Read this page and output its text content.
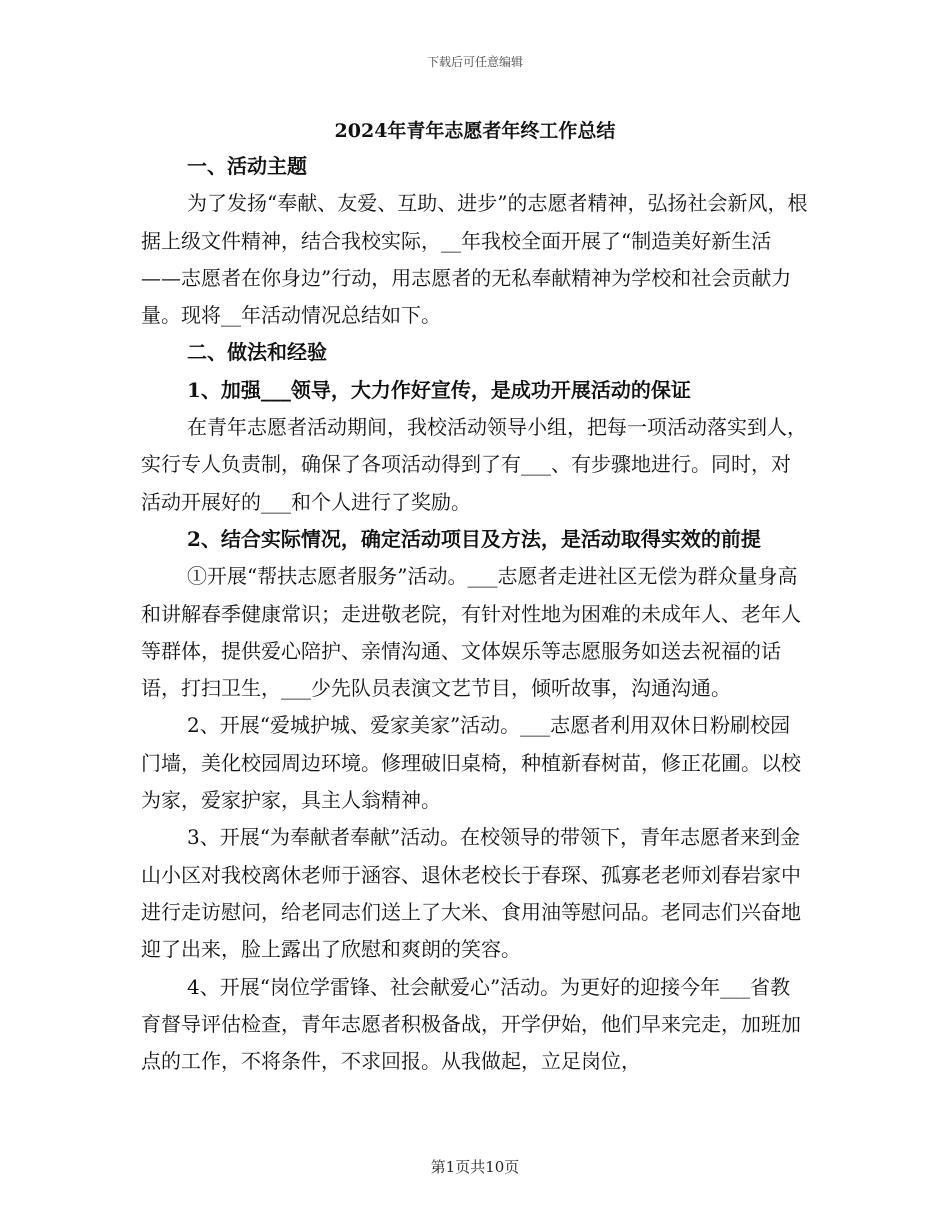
下载后可任意编辑
2024年青年志愿者年终工作总结

一、活动主题

为了发扬“奉献、友爱、互助、进步”的志愿者精神，弘扬社会新风，根据上级文件精神，结合我校实际，__年我校全面开展了“制造美好新生活——志愿者在你身边”行动，用志愿者的无私奉献精神为学校和社会贡献力量。现将__年活动情况总结如下。

二、做法和经验

1、加强___领导，大力作好宣传，是成功开展活动的保证

在青年志愿者活动期间，我校活动领导小组，把每一项活动落实到人，实行专人负责制，确保了各项活动得到了有___、有步骤地进行。同时，对活动开展好的___和个人进行了奖励。

2、结合实际情况，确定活动项目及方法，是活动取得实效的前提

①开展“帮扶志愿者服务”活动。___志愿者走进社区无偿为群众量身高和讲解春季健康常识；走进敬老院，有针对性地为困难的未成年人、老年人等群体，提供爱心陪护、亲情沟通、文体娱乐等志愿服务如送去祝福的话语，打扫卫生，___少先队员表演文艺节目，倾听故事，沟通沟通。

2、开展“爱城护城、爱家美家”活动。___志愿者利用双休日粉刷校园门墙，美化校园周边环境。修理破旧桌椅，种植新春树苗，修正花圃。以校为家，爱家护家，具主人翁精神。

3、开展“为奉献者奉献”活动。在校领导的带领下，青年志愿者来到金山小区对我校离休老师于涵容、退休老校长于春琛、孤寡老老师刘春岩家中进行走访慰问，给老同志们送上了大米、食用油等慰问品。老同志们兴奋地迎了出来，脸上露出了欣慰和爽朗的笑容。

4、开展“岗位学雷锋、社会献爱心”活动。为更好的迎接今年___省教育督导评估检查，青年志愿者积极备战，开学伊始，他们早来完走，加班加点的工作，不将条件，不求回报。从我做起，立足岗位，

第1页共10页
